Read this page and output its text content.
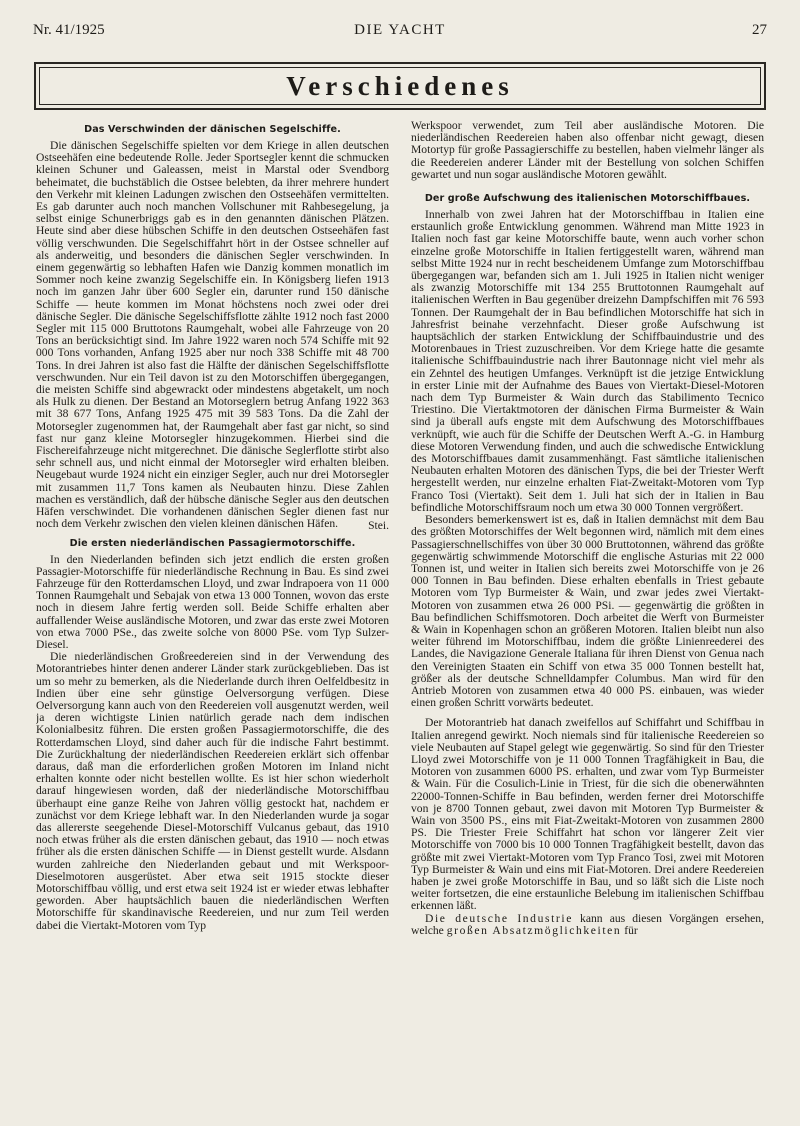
Nr. 41/1925	DIE YACHT	27
Verschiedenes
Das Verschwinden der dänischen Segelschiffe.

Die dänischen Segelschiffe spielten vor dem Kriege in allen deutschen Ostseehäfen eine bedeutende Rolle. Jeder Sportsegler kennt die schmucken kleinen Schuner und Galeassen, meist in Marstal oder Svendborg beheimatet, die buchstäblich die Ostsee belebten, da ihrer mehrere hundert den Verkehr mit kleinen Ladungen zwischen den Ostseehäfen vermittelten. Es gab darunter auch noch manchen Vollschuner mit Rahbesegelung, ja selbst einige Schunerbriggs gab es in den genannten dänischen Plätzen. Heute sind aber diese hübschen Schiffe in den deutschen Ostseehäfen fast völlig verschwunden. Die Segelschiffahrt hört in der Ostsee schneller auf als anderweitig, und besonders die dänischen Segler verschwinden. In einem gegenwärtig so lebhaften Hafen wie Danzig kommen monatlich im Sommer noch keine zwanzig Segelschiffe ein. In Königsberg liefen 1913 noch im ganzen Jahr über 600 Segler ein, darunter rund 150 dänische Schiffe — heute kommen im Monat höchstens noch zwei oder drei dänische Segler. Die dänische Segelschiffsflotte zählte 1912 noch fast 2000 Segler mit 115 000 Bruttotons Raumgehalt, wobei alle Fahrzeuge von 20 Tons an berücksichtigt sind. Im Jahre 1922 waren noch 574 Schiffe mit 92 000 Tons vorhanden, Anfang 1925 aber nur noch 338 Schiffe mit 48 700 Tons. In drei Jahren ist also fast die Hälfte der dänischen Segelschiffsflotte verschwunden. Nur ein Teil davon ist zu den Motorschiffen übergegangen, die meisten Schiffe sind abgewrackt oder mindestens abgetakelt, um noch als Hulk zu dienen. Der Bestand an Motorseglern betrug Anfang 1922 363 mit 38 677 Tons, Anfang 1925 475 mit 39 583 Tons. Da die Zahl der Motorsegler zugenommen hat, der Raumgehalt aber fast gar nicht, so sind fast nur ganz kleine Motorsegler hinzugekommen. Hierbei sind die Fischereifahrzeuge nicht mitgerechnet. Die dänische Seglerflotte stirbt also sehr schnell aus, und nicht einmal der Motorsegler wird erhalten bleiben. Neugebaut wurde 1924 nicht ein einziger Segler, auch nur drei Motorsegler mit zusammen 11,7 Tons kamen als Neubauten hinzu. Diese Zahlen machen es verständlich, daß der hübsche dänische Segler aus den deutschen Häfen verschwindet. Die vorhandenen dänischen Segler dienen fast nur noch dem Verkehr zwischen den vielen kleinen dänischen Häfen.	Stei.
Die ersten niederländischen Passagiermotorschiffe.

In den Niederlanden befinden sich jetzt endlich die ersten großen Passagier-Motorschiffe für niederländische Rechnung in Bau. Es sind zwei Fahrzeuge für den Rotterdamschen Lloyd, und zwar Indrapoera von 11 000 Tonnen Raumgehalt und Sebajak von etwa 13 000 Tonnen, wovon das erste noch in diesem Jahre fertig werden soll. Beide Schiffe erhalten aber auffallender Weise ausländische Motoren, und zwar das erste zwei Motoren von etwa 7000 PSe., das zweite solche von 8000 PSe. vom Typ Sulzer-Diesel.

Die niederländischen Großreedereien sind in der Verwendung des Motorantriebes hinter denen anderer Länder stark zurückgeblieben. Das ist um so mehr zu bemerken, als die Niederlande durch ihren Oelfeldbesitz in Indien über eine sehr günstige Oelversorgung verfügen. Diese Oelversorgung kann auch von den Reedereien voll ausgenutzt werden, weil ja deren wichtigste Linien natürlich gerade nach dem indischen Kolonialbesitz führen. Die ersten großen Passagiermotorschiffe, die des Rotterdamschen Lloyd, sind daher auch für die indische Fahrt bestimmt. Die Zurückhaltung der niederländischen Reedereien erklärt sich offenbar daraus, daß man die erforderlichen großen Motoren im Inland nicht erhalten konnte oder nicht bestellen wollte. Es ist hier schon wiederholt darauf hingewiesen worden, daß der niederländische Motorschiffbau überhaupt eine ganze Reihe von Jahren völlig gestockt hat, nachdem er zunächst vor dem Kriege lebhaft war. In den Niederlanden wurde ja sogar das allererste seegehende Diesel-Motorschiff Vulcanus gebaut, das 1910 noch etwas früher als die ersten dänischen gebaut, das 1910 — noch etwas früher als die ersten dänischen Schiffe — in Dienst gestellt wurde. Alsdann wurden zahlreiche den Niederlanden gebaut und mit Werkspoor-Dieselmotoren ausgerüstet. Aber etwa seit 1915 stockte dieser Motorschiffbau völlig, und erst etwa seit 1924 ist er wieder etwas lebhafter geworden. Aber hauptsächlich bauen die niederländischen Werften Motorschiffe für skandinavische Reedereien, und nur zum Teil werden dabei die Viertakt-Motoren vom Typ

Werkspoor verwendet, zum Teil aber ausländische Motoren. Die niederländischen Reedereien haben also offenbar nicht gewagt, diesen Motortyp für große Passagierschiffe zu bestellen, haben vielmehr länger als die Reedereien anderer Länder mit der Bestellung von solchen Schiffen gewartet und nun sogar ausländische Motoren gewählt.

Der große Aufschwung des italienischen Motorschiffbaues.

Innerhalb von zwei Jahren hat der Motorschiffbau in Italien eine erstaunlich große Entwicklung genommen. Während man Mitte 1923 in Italien noch fast gar keine Motorschiffe baute, wenn auch vorher schon einzelne große Motorschiffe in Italien fertiggestellt waren, während man selbst Mitte 1924 nur in recht bescheidenem Umfange zum Motorschiffbau übergegangen war, befanden sich am 1. Juli 1925 in Italien nicht weniger als zwanzig Motorschiffe mit 134 255 Bruttotonnen Raumgehalt auf italienischen Werften in Bau gegenüber dreizehn Dampfschiffen mit 76 593 Tonnen. Der Raumgehalt der in Bau befindlichen Motorschiffe hat sich in Jahresfrist beinahe verzehnfacht. Dieser große Aufschwung ist hauptsächlich der starken Entwicklung der Schiffbauindustrie und des Motorenbaues in Triest zuzuschreiben. Vor dem Kriege hatte die gesamte italienische Schiffbauindustrie nach ihrer Bautonnage nicht viel mehr als ein Zehntel des heutigen Umfanges. Verknüpft ist die jetzige Entwicklung in erster Linie mit der Aufnahme des Baues von Viertakt-Diesel-Motoren nach dem Typ Burmeister & Wain durch das Stabilimento Tecnico Triestino. Die Viertaktmotoren der dänischen Firma Burmeister & Wain sind ja überall aufs engste mit dem Aufschwung des Motorschiffbaues verknüpft, wie auch für die Schiffe der Deutschen Werft A.-G. in Hamburg diese Motoren Verwendung finden, und auch die schwedische Entwicklung des Motorschiffbaues damit zusammenhängt. Fast sämtliche italienischen Neubauten erhalten Motoren des dänischen Typs, die bei der Triester Werft hergestellt werden, nur einzelne erhalten Fiat-Zweitakt-Motoren vom Typ Franco Tosi (Viertakt). Seit dem 1. Juli hat sich der in Italien in Bau befindliche Motorschiffsraum noch um etwa 30 000 Tonnen vergrößert.

Besonders bemerkenswert ist es, daß in Italien demnächst mit dem Bau des größten Motorschiffes der Welt begonnen wird, nämlich mit dem eines Passagierschnellschiffes von über 30 000 Bruttotonnen, während das größte gegenwärtig schwimmende Motorschiff die englische Asturias mit 22 000 Tonnen ist, und weiter in Italien sich bereits zwei Motorschiffe von je 26 000 Tonnen in Bau befinden. Diese erhalten ebenfalls in Triest gebaute Motoren vom Typ Burmeister & Wain, und zwar jedes zwei Viertakt-Motoren von zusammen etwa 26 000 PSi. — gegenwärtig die größten in Bau befindlichen Schiffsmotoren. Doch arbeitet die Werft von Burmeister & Wain in Kopenhagen schon an größeren Motoren. Italien bleibt nun also weiter führend im Motorschiffbau, indem die größte Linienreederei des Landes, die Navigazione Generale Italiana für ihren Dienst von Genua nach den Vereinigten Staaten ein Schiff von etwa 35 000 Tonnen bestellt hat, größer als der deutsche Schnelldampfer Columbus. Man wird für den Antrieb Motoren von zusammen etwa 40 000 PS. einbauen, was wieder einen großen Schritt vorwärts bedeutet.

Der Motorantrieb hat danach zweifellos auf Schiffahrt und Schiffbau in Italien anregend gewirkt. Noch niemals sind für italienische Reedereien so viele Neubauten auf Stapel gelegt wie gegenwärtig. So sind für den Triester Lloyd zwei Motorschiffe von je 11 000 Tonnen Tragfähigkeit in Bau, die Motoren von zusammen 6000 PS. erhalten, und zwar vom Typ Burmeister & Wain. Für die Cosulich-Linie in Triest, für die sich die obenerwähnten 22000-Tonnen-Schiffe in Bau befinden, werden ferner drei Motorschiffe von je 8700 Tonnen gebaut, zwei davon mit Motoren Typ Burmeister & Wain von 3500 PS., eins mit Fiat-Zweitakt-Motoren von zusammen 2800 PS. Die Triester Freie Schiffahrt hat schon vor längerer Zeit vier Motorschiffe von 7000 bis 10 000 Tonnen Tragfähigkeit bestellt, davon das größte mit zwei Viertakt-Motoren vom Typ Franco Tosi, zwei mit Motoren Typ Burmeister & Wain und eins mit Fiat-Motoren. Drei andere Reedereien haben je zwei große Motorschiffe in Bau, und so läßt sich die Liste noch weiter fortsetzen, die eine erstaunliche Belebung im italienischen Schiffbau erkennen läßt.

Die deutsche Industrie kann aus diesen Vorgängen ersehen, welche großen Absatzmöglichkeiten für
